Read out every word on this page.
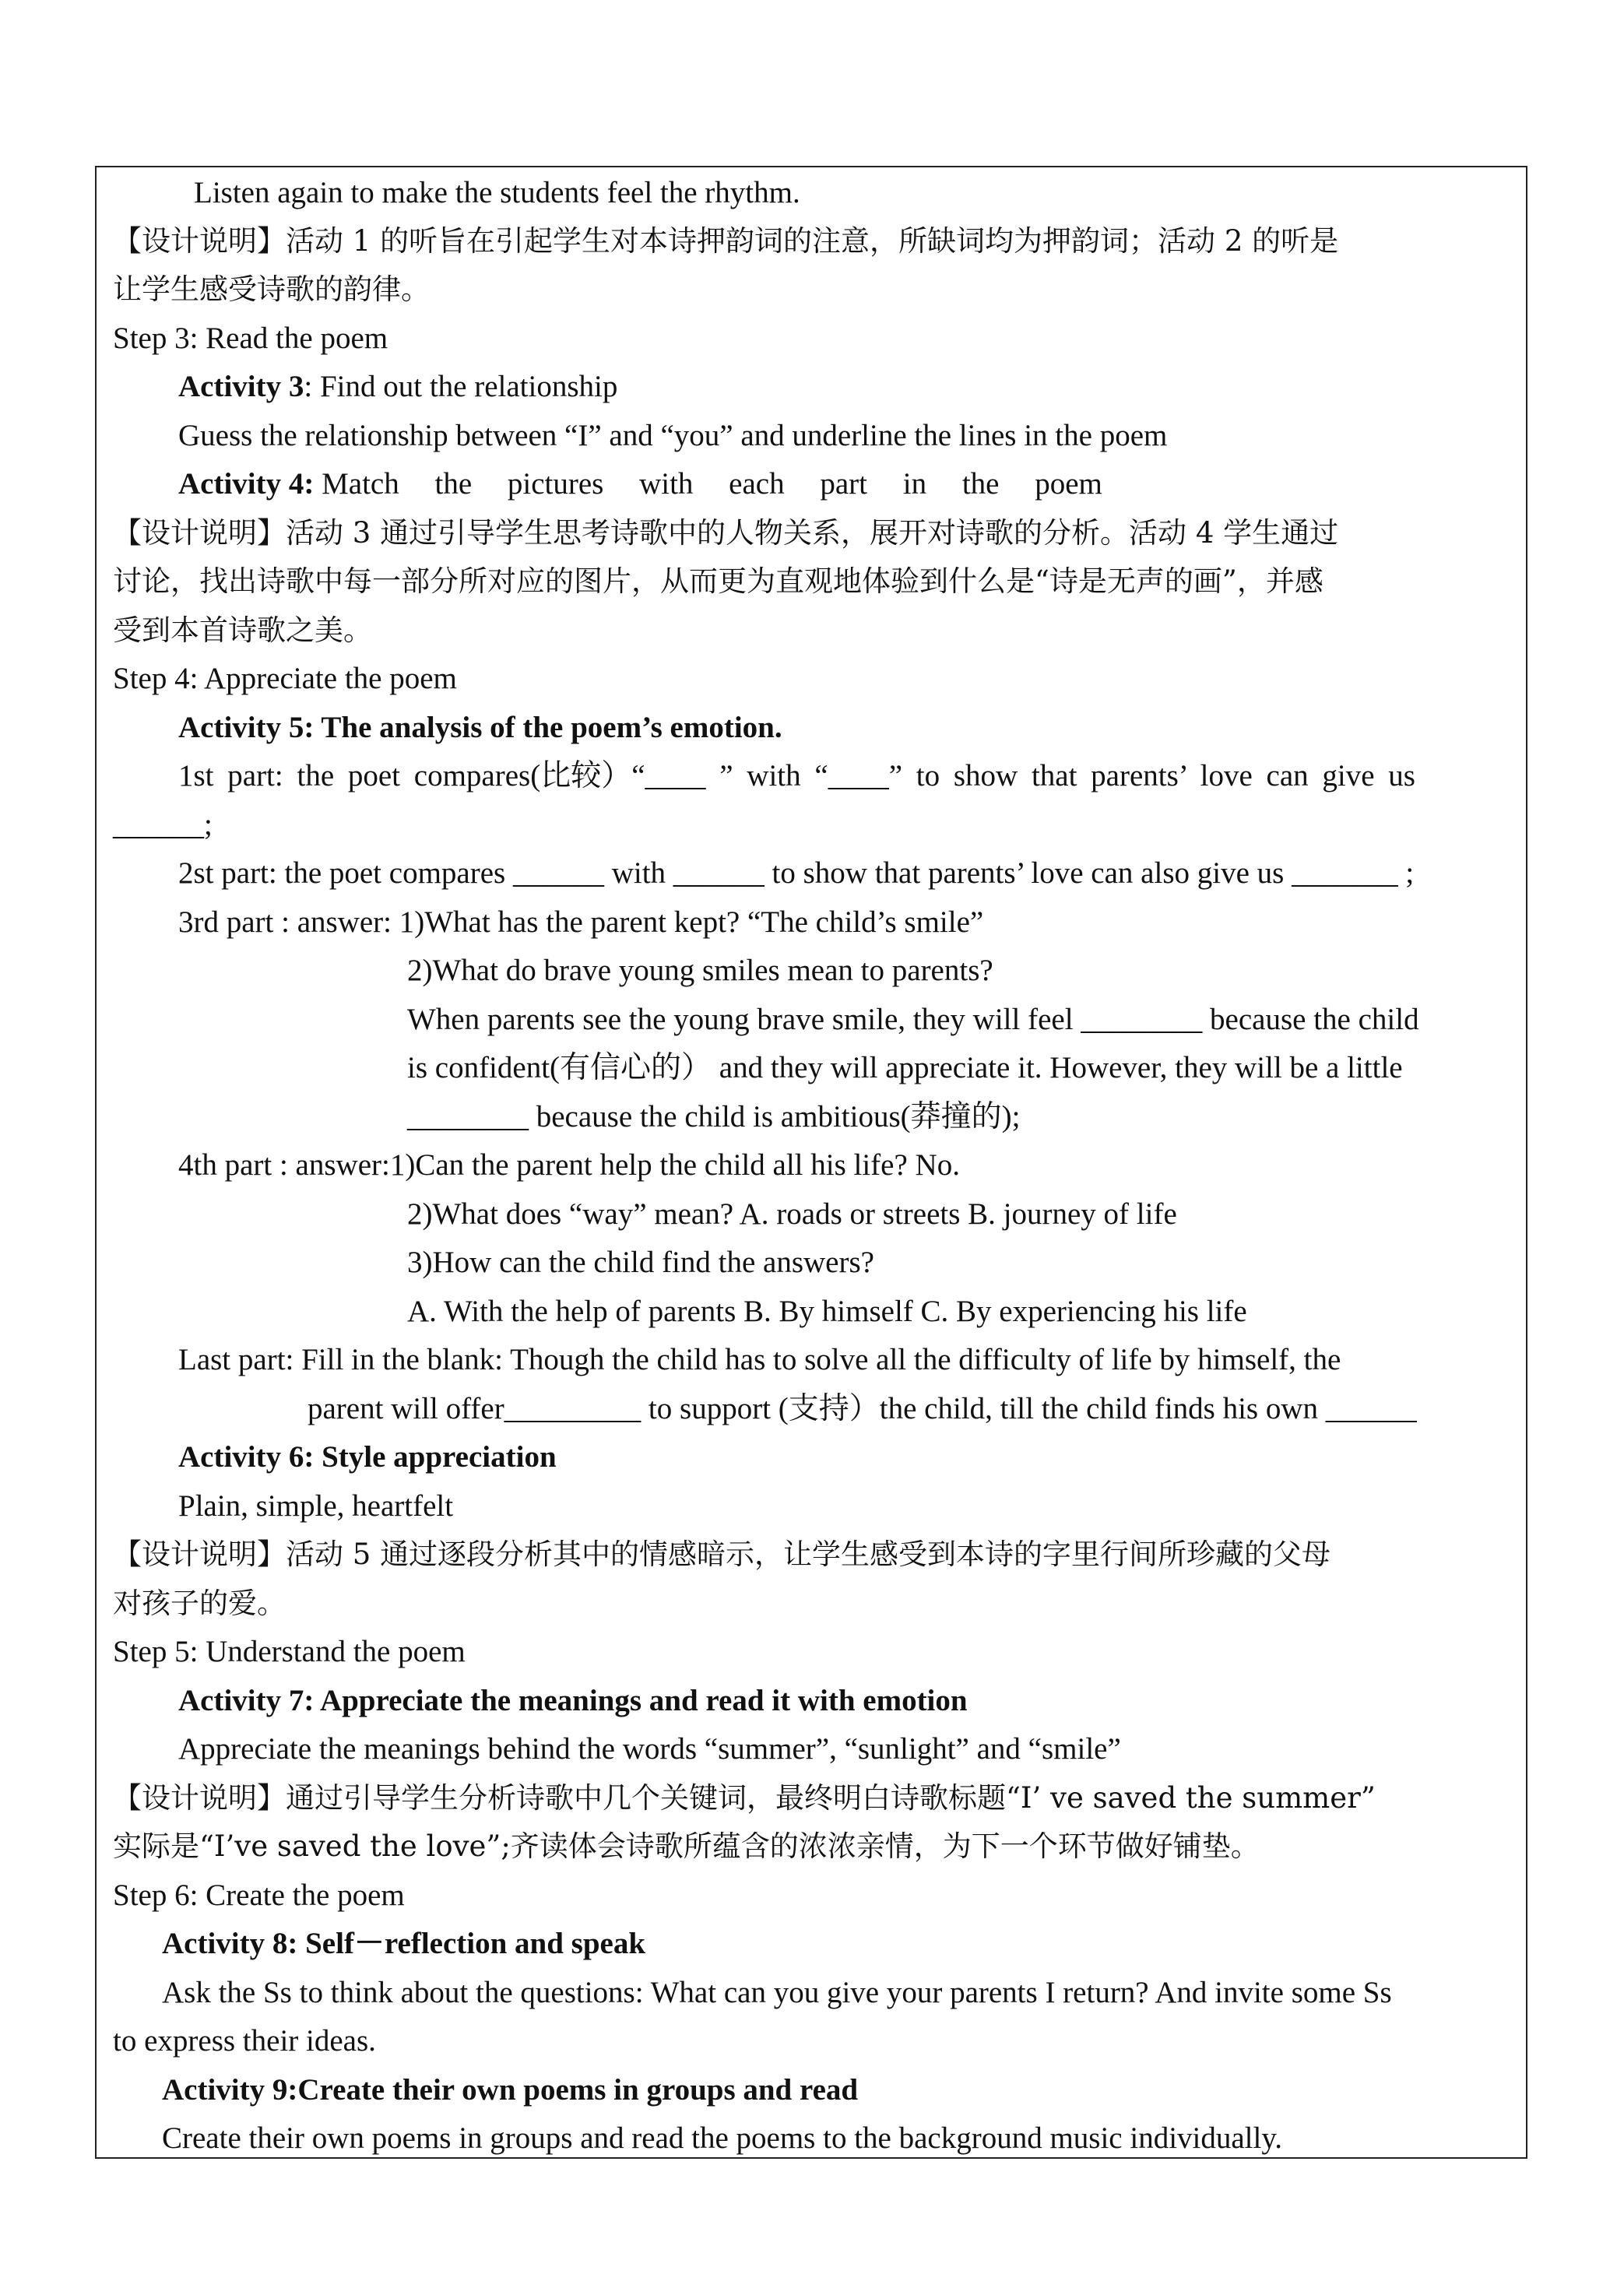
Listen again to make the students feel the rhythm.
【设计说明】活动 1 的听旨在引起学生对本诗押韵词的注意，所缺词均为押韵词；活动 2 的听是
让学生感受诗歌的韵律。
Step 3: Read the poem
Activity 3: Find out the relationship
Guess the relationship between “I” and “you” and underline the lines in the poem
Activity 4: Match the pictures with each part in the poem
【设计说明】活动 3 通过引导学生思考诗歌中的人物关系，展开对诗歌的分析。活动 4 学生通过
讨论，找出诗歌中每一部分所对应的图片，从而更为直观地体验到什么是“诗是无声的画”，并感
受到本首诗歌之美。
Step 4: Appreciate the poem
Activity 5: The analysis of the poem’s emotion.
1st part: the poet compares(比较）“____ ” with “____” to show that parents’ love can give us
______;
2st part: the poet compares ______ with ______ to show that parents’ love can also give us _______ ;
3rd part : answer: 1)What has the parent kept? “The child’s smile”
2)What do brave young smiles mean to parents?
When parents see the young brave smile, they will feel ________ because the child
is confident(有信心的） and they will appreciate it. However, they will be a little
________ because the child is ambitious(莽撞的);
4th part : answer:1)Can the parent help the child all his life? No.
2)What does “way” mean? A. roads or streets B. journey of life
3)How can the child find the answers?
A. With the help of parents B. By himself C. By experiencing his life
Last part: Fill in the blank: Though the child has to solve all the difficulty of life by himself, the
parent will offer_________ to support (支持）the child, till the child finds his own ______
Activity 6: Style appreciation
Plain, simple, heartfelt
【设计说明】活动 5 通过逐段分析其中的情感暗示，让学生感受到本诗的字里行间所珍藏的父母
对孩子的爱。
Step 5: Understand the poem
Activity 7: Appreciate the meanings and read it with emotion
Appreciate the meanings behind the words “summer”, “sunlight” and “smile”
【设计说明】通过引导学生分析诗歌中几个关键词，最终明白诗歌标题“I’ ve saved the summer”
实际是“I’ve saved the love”;齐读体会诗歌所蕴含的浓浓亲情，为下一个环节做好铺垫。
Step 6: Create the poem
Activity 8: Self－reflection and speak
Ask the Ss to think about the questions: What can you give your parents I return? And invite some Ss
to express their ideas.
Activity 9:Create their own poems in groups and read
Create their own poems in groups and read the poems to the background music individually.
